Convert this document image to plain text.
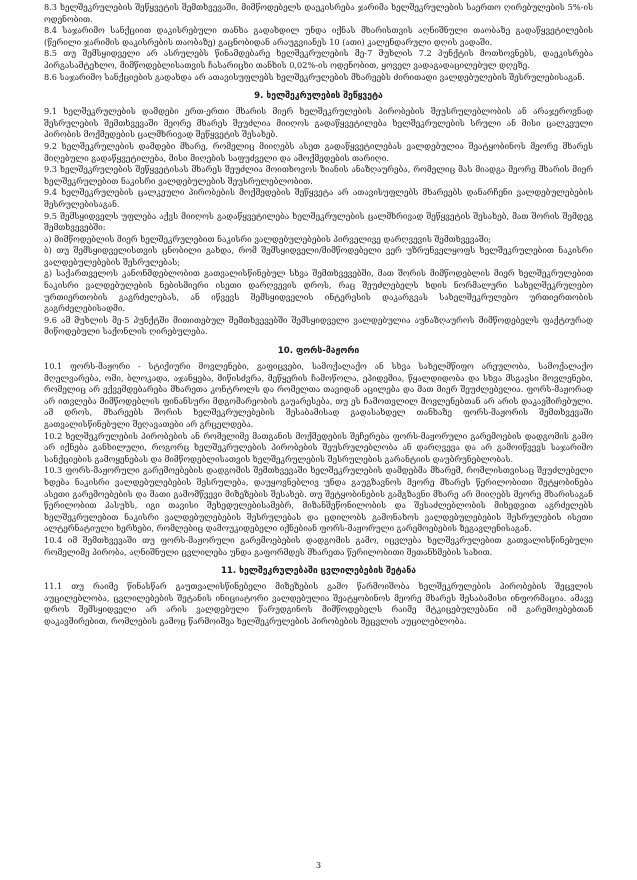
8.3 ხელშეკრულების შეწყვეტის შემთხვევაში, მიმწოდებელს დაეკისრება ჯარიმა ხელშეკრულების საერთო ღირებულების 5%-ის ოდენობით.

8.4 საჯარიმო სანქციით დაკისრებული თანხა გადახდილ უნდა იქნას მხარისთვის აღნიშნული თაობაზე გადაწყვეტილების (წერილი ჯარიმის დაკისრების თაობაზე) გაცნობიდან არაუგვიანეს 10 (ათი) კალენდარული დღის ვადაში.

8.5 თუ შემსყიდველი არ ასრულებს წინამდებარე ხელშეკრულების მე-7 მუხლის 7.2 პუნქტის მოთხოვნებს, დაეკისრება პირგასამტეხლო, მიმწოდებლისათვის ჩასარიცხი თანხის 0,02%-ის ოდენობით, ყოველ ვადაგადაცილებულ დღეზე.

8.6 საჯარიმო სანქციების გადახდა არ ათავისუფლებს ხელშეკრულების მხარეებს ძირითადი ვალდებულების შესრულებისაგან.

9. ხელშეკრულების შეწყვეტა

9.1 ხელშეკრულების დამდები ერთ-ერთი მხარის მიერ ხელშეკრულების პირობების შეუსრულებლობის ან არაჯეროვნად შესრულების შემთხვევაში მეორე მხარეს შეუძლია მიიღოს გადაწყვეტილება ხელშეკრულების სრული ან მისი ცალკეული პირობის მოქმედების ცალმხრივად შეწყვეტის შესახებ.

9.2 ხელშეკრულების დამდები მხარე, რომელიც მიიღებს ასეთ გადაწყვეტილებას ვალდებულია შეატყობინოს მეორე მხარეს მიღებული გადაწყვეტილება, მისი მიღების საფუძველი და ამოქმედების თარიღი.

9.3 ხელშეკრულების შეწყვეტისას მხარეს შეუძლია მოითხოვოს ზიანის ანაზღაურება, რომელიც მას მიადგა მეორე მხარის მიერ ხელშეკრულებით ნაკისრი ვალდებულების შეუსრულებლობით.

9.4 ხელშეკრულების ცალკეული პირობების მოქმედების შეწყვეტა არ ათავისუფლებს მხარეებს დანარჩენი ვალდებულებების შესრულებისაგან.

9.5 შემსყიდველს უფლება აქვს მიიღოს გადაწყვეტილება ხელშეკრულების ცალმხრივად შეწყვეტის შესახებ, მათ შორის შემდეგ შემთხვევებში:

ა) მიმწოდებლის მიერ ხელშეკრულებით ნაკისრი ვალდებულებების პირველივე დარღვევის შემთხვევაში;

ბ) თუ შემსყიდველისთვის ცნობილი გახდა, რომ შემსყიდველი/მიმწოდებელი ვერ უზრუნველყოფს ხელშეკრულებით ნაკისრი ვალდებულებების შესრულებას;

გ) საქართველოს კანონმდებლობით გათვალისწინებულ სხვა შემთხვევებში, მათ შორის მიმწოდებლის მიერ ხელშეკრულებით ნაკისრი ვალდებულების ნებისმიერი ისეთი დარღვევის დროს, რაც შეუძლებელს ხდის ნორმალური სახელშეკრულებო ურთიერთობის გაგრძელებას, ან იწვევს შემსყიდველის ინტერესის დაკარგვას სახელშეკრულებო ურთიერთობის გაგრძელებისადმი.

9.6 ამ მუხლის მე-5 პუნქტში მითითებულ შემთხვევებში შემსყიდველი ვალდებულია აუნაზღაუროს მიმწოდებელს ფაქტიურად მიწოდებული საქონლის ღირებულება.

10. ფორს-მაჟორი

10.1 ფორს-მაჟორი - სტიქიური მოვლენები, გაფიცვები, სამოქალაქო ან სხვა სახელმწიფო არეულობა, სამოქალაქო მღელვარება, ომი, ბლოკადა, აჯანყება, მიწისძვრა, მეწყერის ჩამოწოლა, ეპიდემია, წყალდიდობა და სხვა მსგავსი მოვლენები, რომელიც არ ექვემდებარება მხარეთა კონტროლს და რომელთა თავიდან აცილება და მათ მიერ შეუძლებელია. ფორს-მაჟორად არ ითვლება მიმწოდებლის ფინანსური მდგომარეობის გაუარესება, თუ ეს ჩამოთვლილ მოვლენებთან არ არის დაკავშირებული. ამ დროს, მხარეებს შორის ხელშეკრულებების შესაბამისად გადასახდელ თანხაზე ფორს-მაჟორის შემთხვევაში გათვალისწინებული შეღავათები არ გრცელდება.

10.2 ხელშეკრულების პირობების ან რომელიმე მათგანის მოქმედების შეჩერება ფორს-მაჟორული გარემოების დადგომის გამო არ იქნება განხილული, როგორც ხელშეკრულების პირობების შეუსრულებლობა ან დარღვევა და არ გამოიწვევს საჯარიმო სანქციების გამოყენებას და მიმწოდებლისათვის ხელშეკრულების შესრულების გარანტიის დაუბრუნებლობას.

10.3 ფორს-მაჟორული გარემოებების დადგომის შემთხვევაში ხელშეკრულების დამდებმა მხარემ, რომლისთვისაც შეუძლებელი ხდება ნაკისრი ვალდებულებების შესრულება, დაუყოვნებლივ უნდა გაუგზავნოს მეორე მხარეს წერილობითი შეტყობინება ასეთი გარემოებების და მათი გამომწვევი მიზეზების შესახებ. თუ შეტყობინების გამგზავნი მხარე არ მიიღებს მეორე მხარისაგან წერილობით პასუხს, იგი თავისი შეხედულებისამებრ, მიზანშეწონილობის და შესაძლებლობის მიხედვით აგრძელებს ხელშეკრულებით ნაკისრი ვალდებულებების შესრულებას და ცდილობს გამონახოს ვალდებულებების შესრულების ისეთი ალტერნატიული ხერხები, რომლებიც დამოუკიდებელი იქნებიან ფორს-მაჟორული გარემოებების ზეგავლენისაგან.

10.4 იმ შემთხვევაში თუ ფორს-მაჟორული გარემოებების დადგომის გამო, იცვლება ხელშეკრულებით გათვალისწინებული რომელიმე პირობა, აღნიშნული ცვლილება უნდა გაფორმდეს მხარეთა წერილობითი შეთანხმების სახით.

11. ხელშეკრულებაში ცვლილებების შეტანა

11.1 თუ რაიმე წინასწარ გაუთვალისწინებელი მიზეზების გამო წარმოიშობა ხელშეკრულების პირობების შეცვლის აუცილებლობა, ცვლილებების შეტანის ინიციატორი ვალდებულია შეატყობინოს მეორე მხარეს შესაბამისი ინფორმაცია. ამავე დროს შემსყიდველი არ არის ვალდებული წარუდგინოს მიმწოდებელს რაიმე მტკიცებულებანი იმ გარემოებებთან დაკავშირებით, რომლების გამოც წარმოიშვა ხელშეკრულების პირობების შეცვლის აუცილებლობა.

3
